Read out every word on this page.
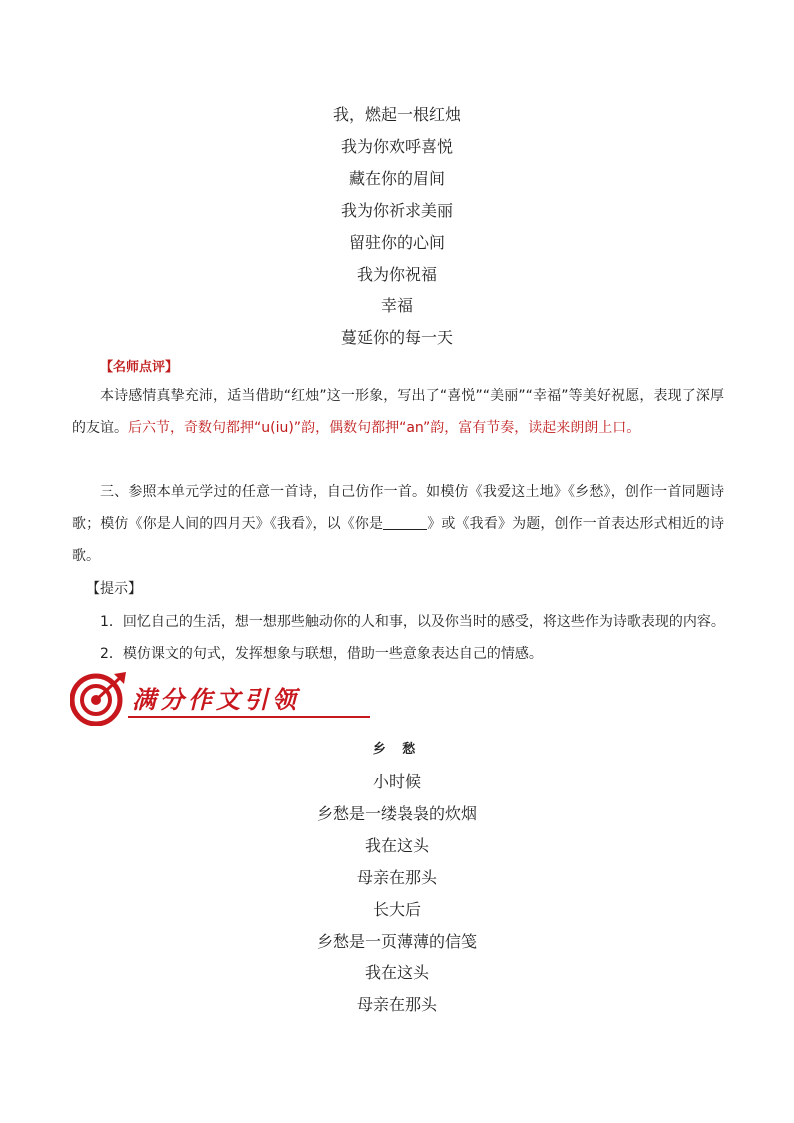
我，燃起一根红烛
我为你欢呼喜悦
藏在你的眉间
我为你祈求美丽
留驻你的心间
我为你祝福
幸福
蔓延你的每一天
【名师点评】
本诗感情真挚充沛，适当借助“红烛”这一形象，写出了“喜悦”“美丽”“幸福”等美好祝愿，表现了深厚的友谊。后六节，奇数句都押“u(iu)”韵，偶数句都押“an”韵，富有节奏，读起来朗朗上口。
三、参照本单元学过的任意一首诗，自己仿作一首。如模仿《我爱这土地》《乡愁》，创作一首同题诗歌；模仿《你是人间的四月天》《我看》，以《你是	》或《我看》为题，创作一首表达形式相近的诗歌。
【提示】
1．回忆自己的生活，想一想那些触动你的人和事，以及你当时的感受，将这些作为诗歌表现的内容。
2．模仿课文的句式，发挥想象与联想，借助一些意象表达自己的情感。
满分作文引领
乡 愁
小时候
乡愁是一缕袅袅的炊烟
我在这头
母亲在那头
长大后
乡愁是一页薄薄的信笺
我在这头
母亲在那头
